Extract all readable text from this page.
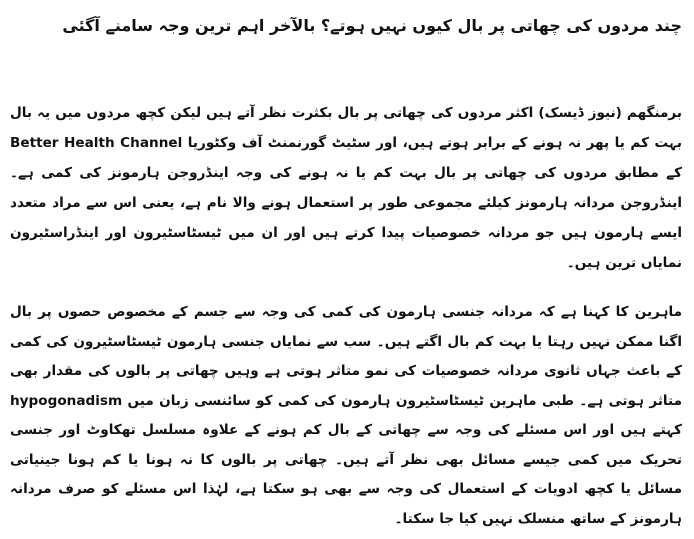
چند مردوں کی چھاتی پر بال کیوں نہیں ہوتے؟ بالآخر اہم ترین وجہ سامنے آگئی

برمنگھم (نیوز ڈیسک) اکثر مردوں کی چھاتی پر بال بکثرت نظر آتے ہیں لیکن کچھ مردوں میں یہ بال بہت کم یا پھر نہ ہونے کے برابر ہوتے ہیں، اور سٹیٹ گورنمنٹ آف وکٹوریا Better Health Channel کے مطابق مردوں کی چھاتی پر بال بہت کم یا نہ ہونے کی وجہ اینڈروجن ہارمونز کی کمی ہے۔ اینڈروجن مردانہ ہارمونز کیلئے مجموعی طور پر استعمال ہونے والا نام ہے، یعنی اس سے مراد متعدد ایسے ہارمون ہیں جو مردانہ خصوصیات پیدا کرتے ہیں اور ان میں ٹیسٹاسٹیرون اور اینڈراسٹیرون نمایاں ترین ہیں۔

ماہرین کا کہنا ہے کہ مردانہ جنسی ہارمون کی کمی کی وجہ سے جسم کے مخصوص حصوں پر بال اگنا ممکن نہیں رہتا یا بہت کم بال اگتے ہیں۔ سب سے نمایاں جنسی ہارمون ٹیسٹاسٹیرون کی کمی کے باعث جہاں ثانوی مردانہ خصوصیات کی نمو متاثر ہوتی ہے وہیں چھاتی پر بالوں کی مقدار بھی متاثر ہوتی ہے۔ طبی ماہرین ٹیسٹاسٹیرون ہارمون کی کمی کو سائنسی زبان میں hypogonadism کہتے ہیں اور اس مسئلے کی وجہ سے چھاتی کے بال کم ہونے کے علاوہ مسلسل تھکاوٹ اور جنسی تحریک میں کمی جیسے مسائل بھی نظر آتے ہیں۔ چھاتی پر بالوں کا نہ ہونا یا کم ہونا جینیاتی مسائل یا کچھ ادویات کے استعمال کی وجہ سے بھی ہو سکتا ہے، لہٰذا اس مسئلے کو صرف مردانہ ہارمونز کے ساتھ منسلک نہیں کیا جا سکتا۔
